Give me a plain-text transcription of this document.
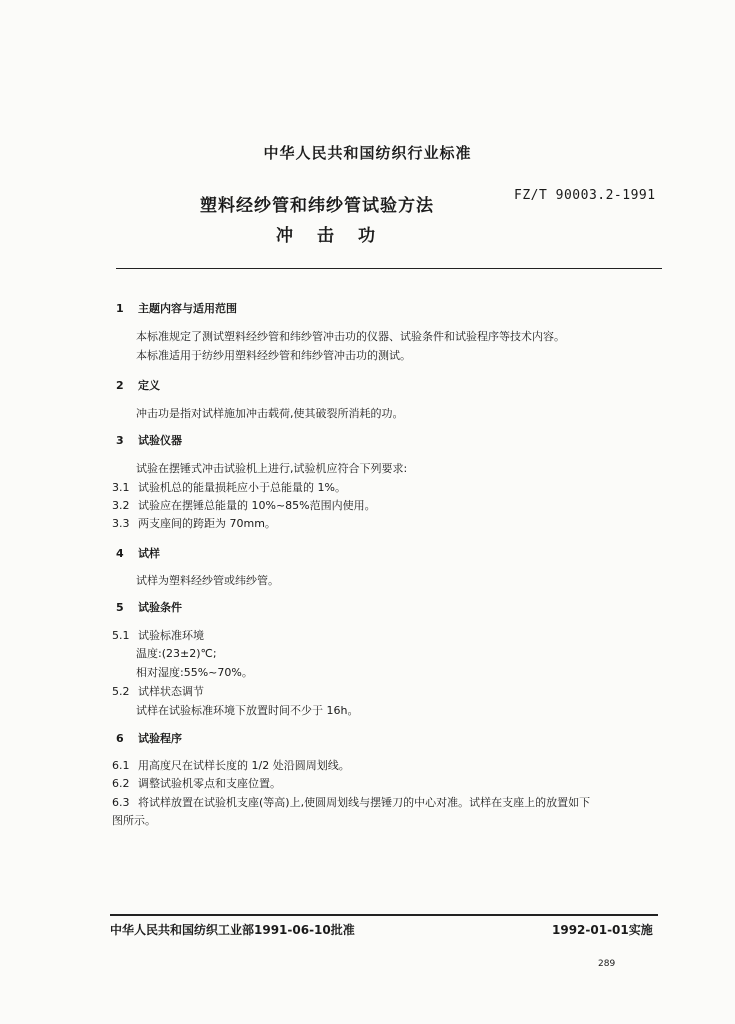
中华人民共和国纺织行业标准
塑料经纱管和纬纱管试验方法
FZ/T 90003.2-1991
冲击功
1 主题内容与适用范围
本标准规定了测试塑料经纱管和纬纱管冲击功的仪器、试验条件和试验程序等技术内容。
本标准适用于纺纱用塑料经纱管和纬纱管冲击功的测试。
2 定义
冲击功是指对试样施加冲击载荷,使其破裂所消耗的功。
3 试验仪器
试验在摆锤式冲击试验机上进行,试验机应符合下列要求:
3.1 试验机总的能量损耗应小于总能量的 1%。
3.2 试验应在摆锤总能量的 10%~85%范围内使用。
3.3 两支座间的跨距为 70mm。
4 试样
试样为塑料经纱管或纬纱管。
5 试验条件
5.1 试验标准环境
温度:(23±2)℃;
相对湿度:55%~70%。
5.2 试样状态调节
试样在试验标准环境下放置时间不少于 16h。
6 试验程序
6.1 用高度尺在试样长度的 1/2 处沿圆周划线。
6.2 调整试验机零点和支座位置。
6.3 将试样放置在试验机支座(等高)上,使圆周划线与摆锤刀的中心对准。试样在支座上的放置如下
图所示。
中华人民共和国纺织工业部1991-06-10批准	1992-01-01实施
289
